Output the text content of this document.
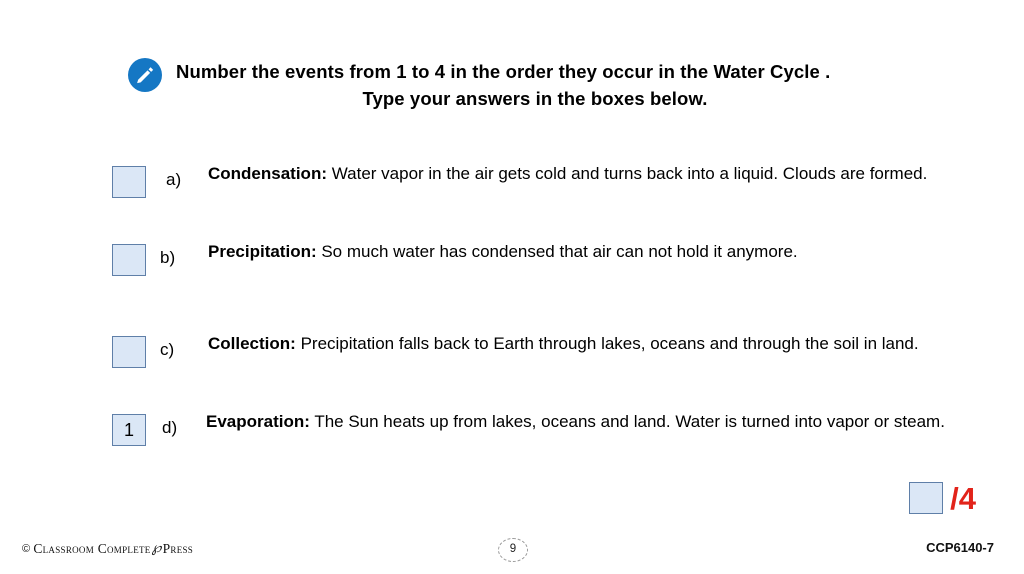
Number the events from 1 to 4 in the order they occur in the Water Cycle .
Type your answers in the boxes below.
a) Condensation: Water vapor in the air gets cold and turns back into a liquid. Clouds are formed.
b) Precipitation: So much water has condensed that air can not hold it anymore.
c) Collection: Precipitation falls back to Earth through lakes, oceans and through the soil in land.
1
d) Evaporation: The Sun heats up from lakes, oceans and land. Water is turned into vapor or steam.
/4
© Classroom Complete ℘ Press	9	CCP6140-7
